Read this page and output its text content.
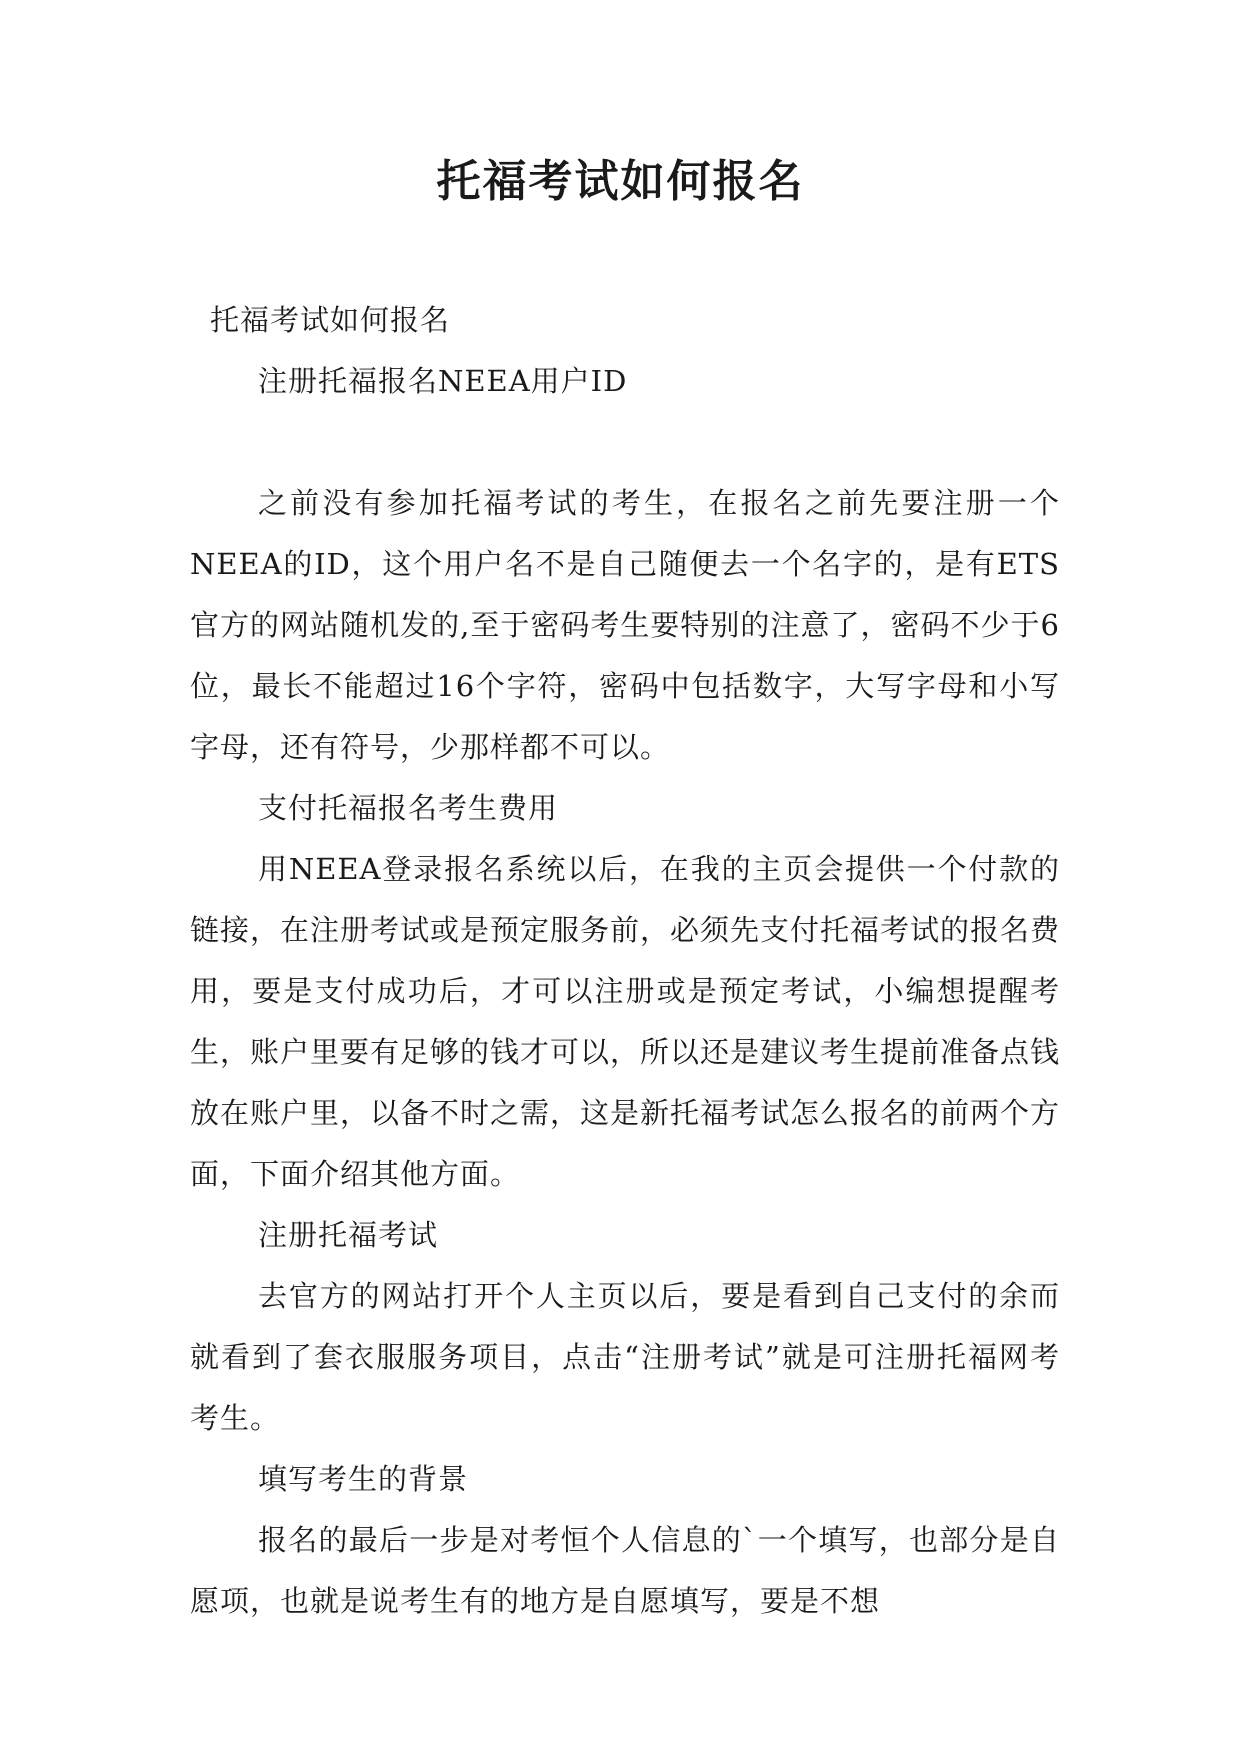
托福考试如何报名

托福考试如何报名

注册托福报名NEEA用户ID

之前没有参加托福考试的考生，在报名之前先要注册一个NEEA的ID，这个用户名不是自己随便去一个名字的，是有ETS官方的网站随机发的,至于密码考生要特别的注意了，密码不少于6位，最长不能超过16个字符，密码中包括数字，大写字母和小写字母，还有符号，少那样都不可以。

支付托福报名考生费用

用NEEA登录报名系统以后，在我的主页会提供一个付款的链接，在注册考试或是预定服务前，必须先支付托福考试的报名费用，要是支付成功后，才可以注册或是预定考试，小编想提醒考生，账户里要有足够的钱才可以，所以还是建议考生提前准备点钱放在账户里，以备不时之需，这是新托福考试怎么报名的前两个方面，下面介绍其他方面。

注册托福考试

去官方的网站打开个人主页以后，要是看到自己支付的余而就看到了套衣服服务项目，点击“注册考试”就是可注册托福网考考生。

填写考生的背景

报名的最后一步是对考恒个人信息的`一个填写，也部分是自愿项，也就是说考生有的地方是自愿填写，要是不想
